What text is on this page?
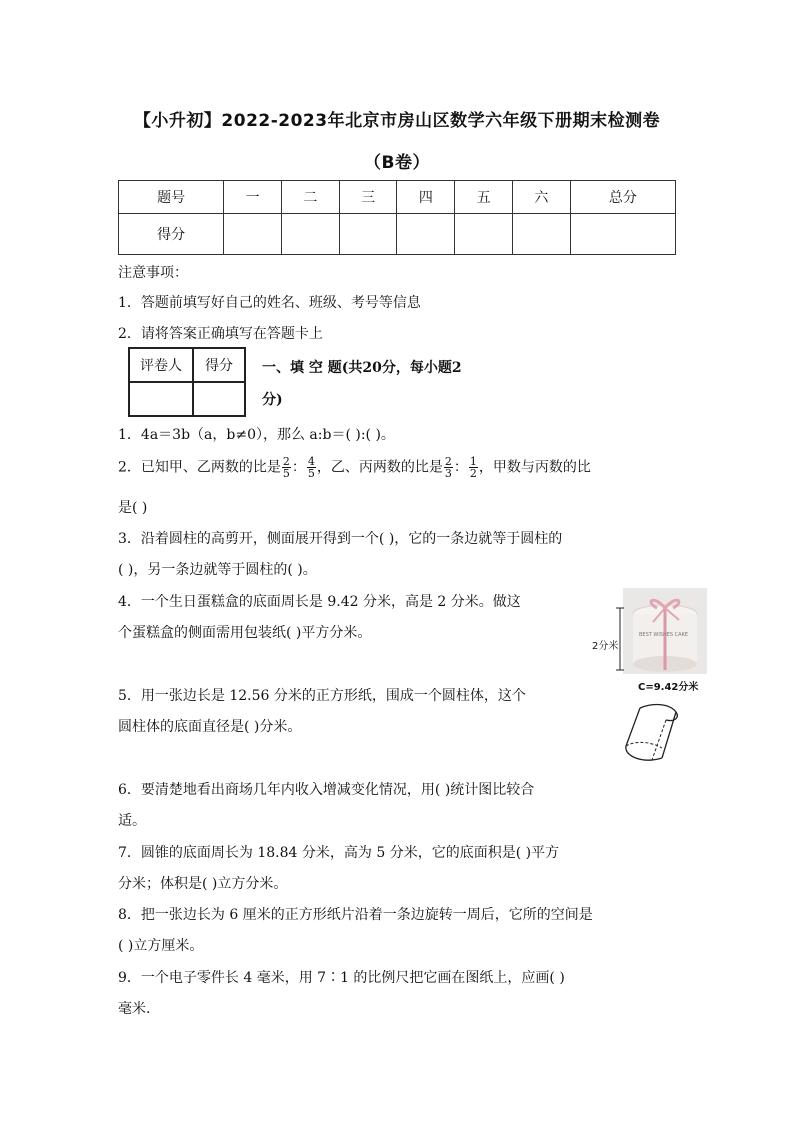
【小升初】2022-2023年北京市房山区数学六年级下册期末检测卷
（B卷）
题号	一	二	三	四	五	六	总分
得分							
注意事项：
1．答题前填写好自己的姓名、班级、考号等信息
2．请将答案正确填写在答题卡上
评卷人	得分
	一、填 空 题(共20分，每小题2
分)
1．4a＝3b（a，b≠0），那么 a:b＝( ):( )。
2．已知甲、乙两数的比是 $\frac{2}{5}$ ： $\frac{4}{5}$ ，乙、丙两数的比是 $\frac{2}{3}$ ： $\frac{1}{2}$ ，甲数与丙数的比
是( )
3．沿着圆柱的高剪开，侧面展开得到一个( )，它的一条边就等于圆柱的
( )，另一条边就等于圆柱的( )。
4．一个生日蛋糕盒的底面周长是 9.42 分米，高是 2 分米。做这
个蛋糕盒的侧面需用包装纸( )平方分米。	BEST WISHES CAKE
2分米
C=9.42分米
5．用一张边长是 12.56 分米的正方形纸，围成一个圆柱体，这个
圆柱体的底面直径是( )分米。
6．要清楚地看出商场几年内收入增减变化情况，用( )统计图比较合
适。
7．圆锥的底面周长为 18.84 分米，高为 5 分米，它的底面积是( )平方
分米；体积是( )立方分米。
8．把一张边长为 6 厘米的正方形纸片沿着一条边旋转一周后，它所的空间是
( )立方厘米。
9．一个电子零件长 4 毫米，用 7∶1 的比例尺把它画在图纸上，应画( )
毫米.
